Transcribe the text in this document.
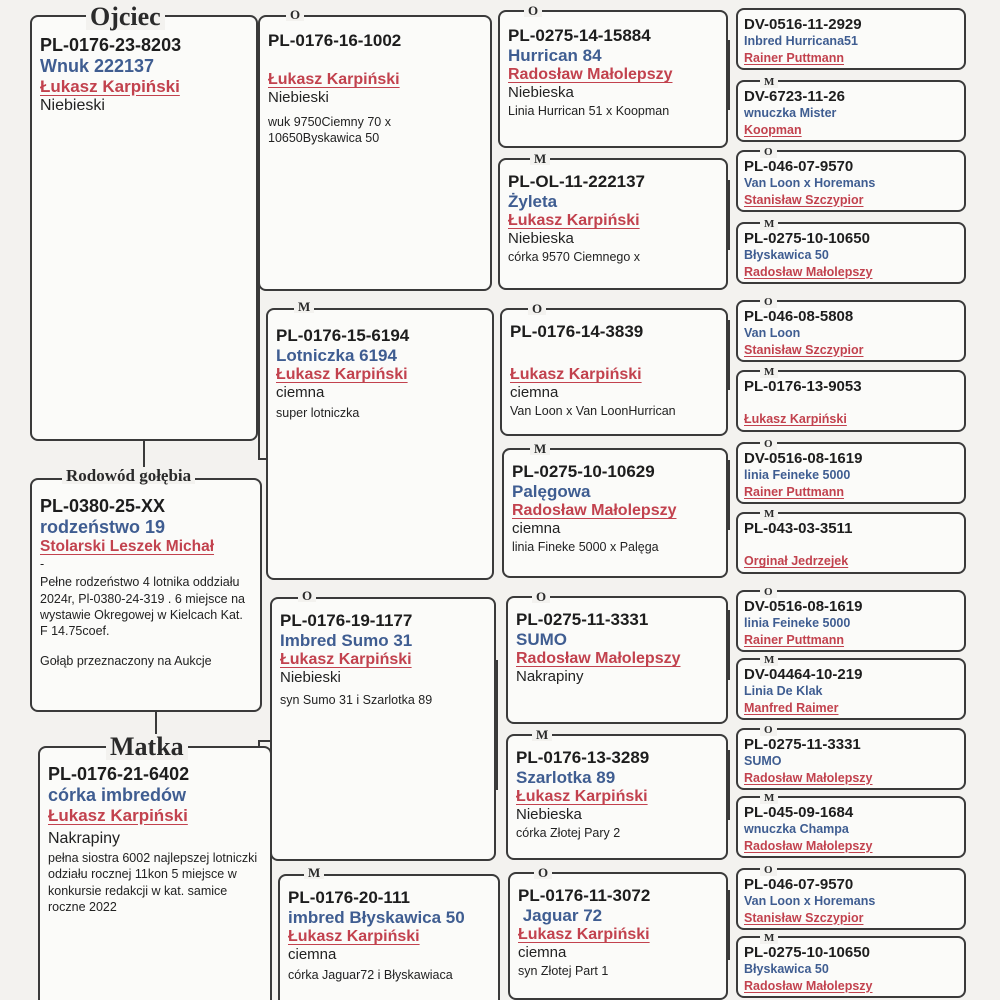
PL-0176-23-8203
Wnuk 222137
Łukasz Karpiński
Niebieski
Ojciec
PL-0380-25-XX
rodzeństwo 19
Stolarski Leszek Michał
-
Pełne rodzeństwo 4 lotnika oddziału 2024r, Pl-0380-24-319 . 6 miejsce na wystawie Okregowej w Kielcach Kat. F 14.75coef.
Gołąb przeznaczony na Aukcje
Rodowód gołębia
PL-0176-21-6402
córka imbredów
Łukasz Karpiński
Nakrapiny
pełna siostra 6002 najlepszej lotniczki odziału rocznej 11kon 5 miejsce w konkursie redakcji w kat. samice roczne 2022
Matka
PL-0176-16-1002
Łukasz Karpiński
Niebieski
wuk 9750Ciemny 70 x 10650Byskawica 50
O
PL-0176-15-6194
Lotniczka 6194
Łukasz Karpiński
ciemna
super lotniczka
M
PL-0176-19-1177
Imbred Sumo 31
Łukasz Karpiński
Niebieski
syn Sumo 31 i Szarlotka 89
O
PL-0176-20-111
imbred Błyskawica 50
Łukasz Karpiński
ciemna
córka Jaguar72 i Błyskawiaca
M
PL-0275-14-15884
Hurrican 84
Radosław Małolepszy
Niebieska
Linia Hurrican 51 x Koopman
O
PL-OL-11-222137
Żyleta
Łukasz Karpiński
Niebieska
córka 9570 Ciemnego x
M
PL-0176-14-3839
Łukasz Karpiński
ciemna
Van Loon x Van LoonHurrican
O
PL-0275-10-10629
Palęgowa
Radosław Małolepszy
ciemna
linia Fineke 5000 x Palęga
M
PL-0275-11-3331
SUMO
Radosław Małolepszy
Nakrapiny
O
PL-0176-13-3289
Szarlotka 89
Łukasz Karpiński
Niebieska
córka Złotej Pary 2
M
PL-0176-11-3072
Jaguar 72
Łukasz Karpiński
ciemna
syn Złotej Part 1
O
DV-0516-11-2929
Inbred Hurricana51
Rainer Puttmann
DV-6723-11-26
wnuczka Mister
Koopman
M
PL-046-07-9570
Van Loon x Horemans
Stanisław Szczypior
O
PL-0275-10-10650
Błyskawica 50
Radosław Małolepszy
M
PL-046-08-5808
Van Loon
Stanisław Szczypior
O
PL-0176-13-9053
Łukasz Karpiński
M
DV-0516-08-1619
linia Feineke 5000
Rainer Puttmann
O
PL-043-03-3511
Orginał Jedrzejek
M
DV-0516-08-1619
linia Feineke 5000
Rainer Puttmann
O
DV-04464-10-219
Linia De Klak
Manfred Raimer
M
PL-0275-11-3331
SUMO
Radosław Małolepszy
O
PL-045-09-1684
wnuczka Champa
Radosław Małolepszy
M
PL-046-07-9570
Van Loon x Horemans
Stanisław Szczypior
O
PL-0275-10-10650
Błyskawica 50
Radosław Małolepszy
M
